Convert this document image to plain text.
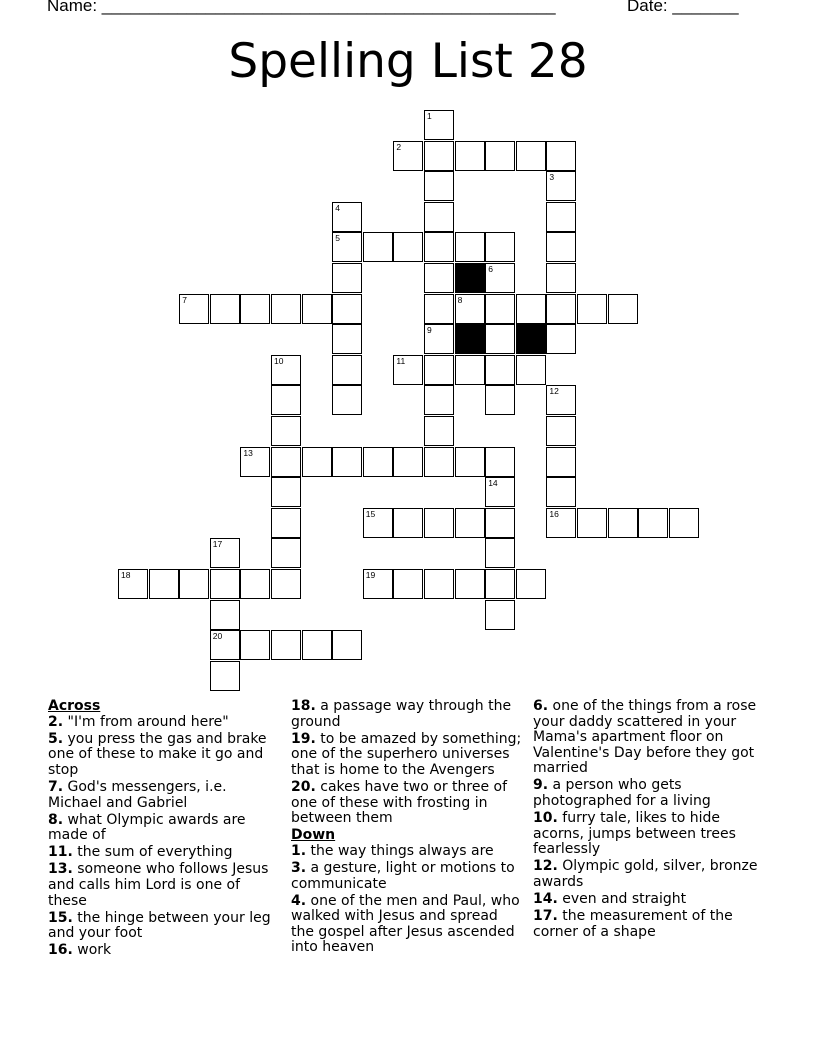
Name: ________________________________________________	Date: _______
Spelling List 28
1
9
2
3
4
5
6
7	8
10	11
12
16
13
14
15
17
20
18	19

Across

2. "I'm from around here"

5. you press the gas and brake one of these to make it go and stop

7. God's messengers, i.e. Michael and Gabriel

8. what Olympic awards are made of

11. the sum of everything

13. someone who follows Jesus and calls him Lord is one of these

15. the hinge between your leg and your foot

16. work

18. a passage way through the ground

19. to be amazed by something; one of the superhero universes that is home to the Avengers

20. cakes have two or three of one of these with frosting in between them

Down

1. the way things always are

3. a gesture, light or motions to communicate

4. one of the men and Paul, who walked with Jesus and spread the gospel after Jesus ascended into heaven

6. one of the things from a rose your daddy scattered in your Mama's apartment floor on Valentine's Day before they got married

9. a person who gets photographed for a living

10. furry tale, likes to hide acorns, jumps between trees fearlessly

12. Olympic gold, silver, bronze awards

14. even and straight

17. the measurement of the corner of a shape
